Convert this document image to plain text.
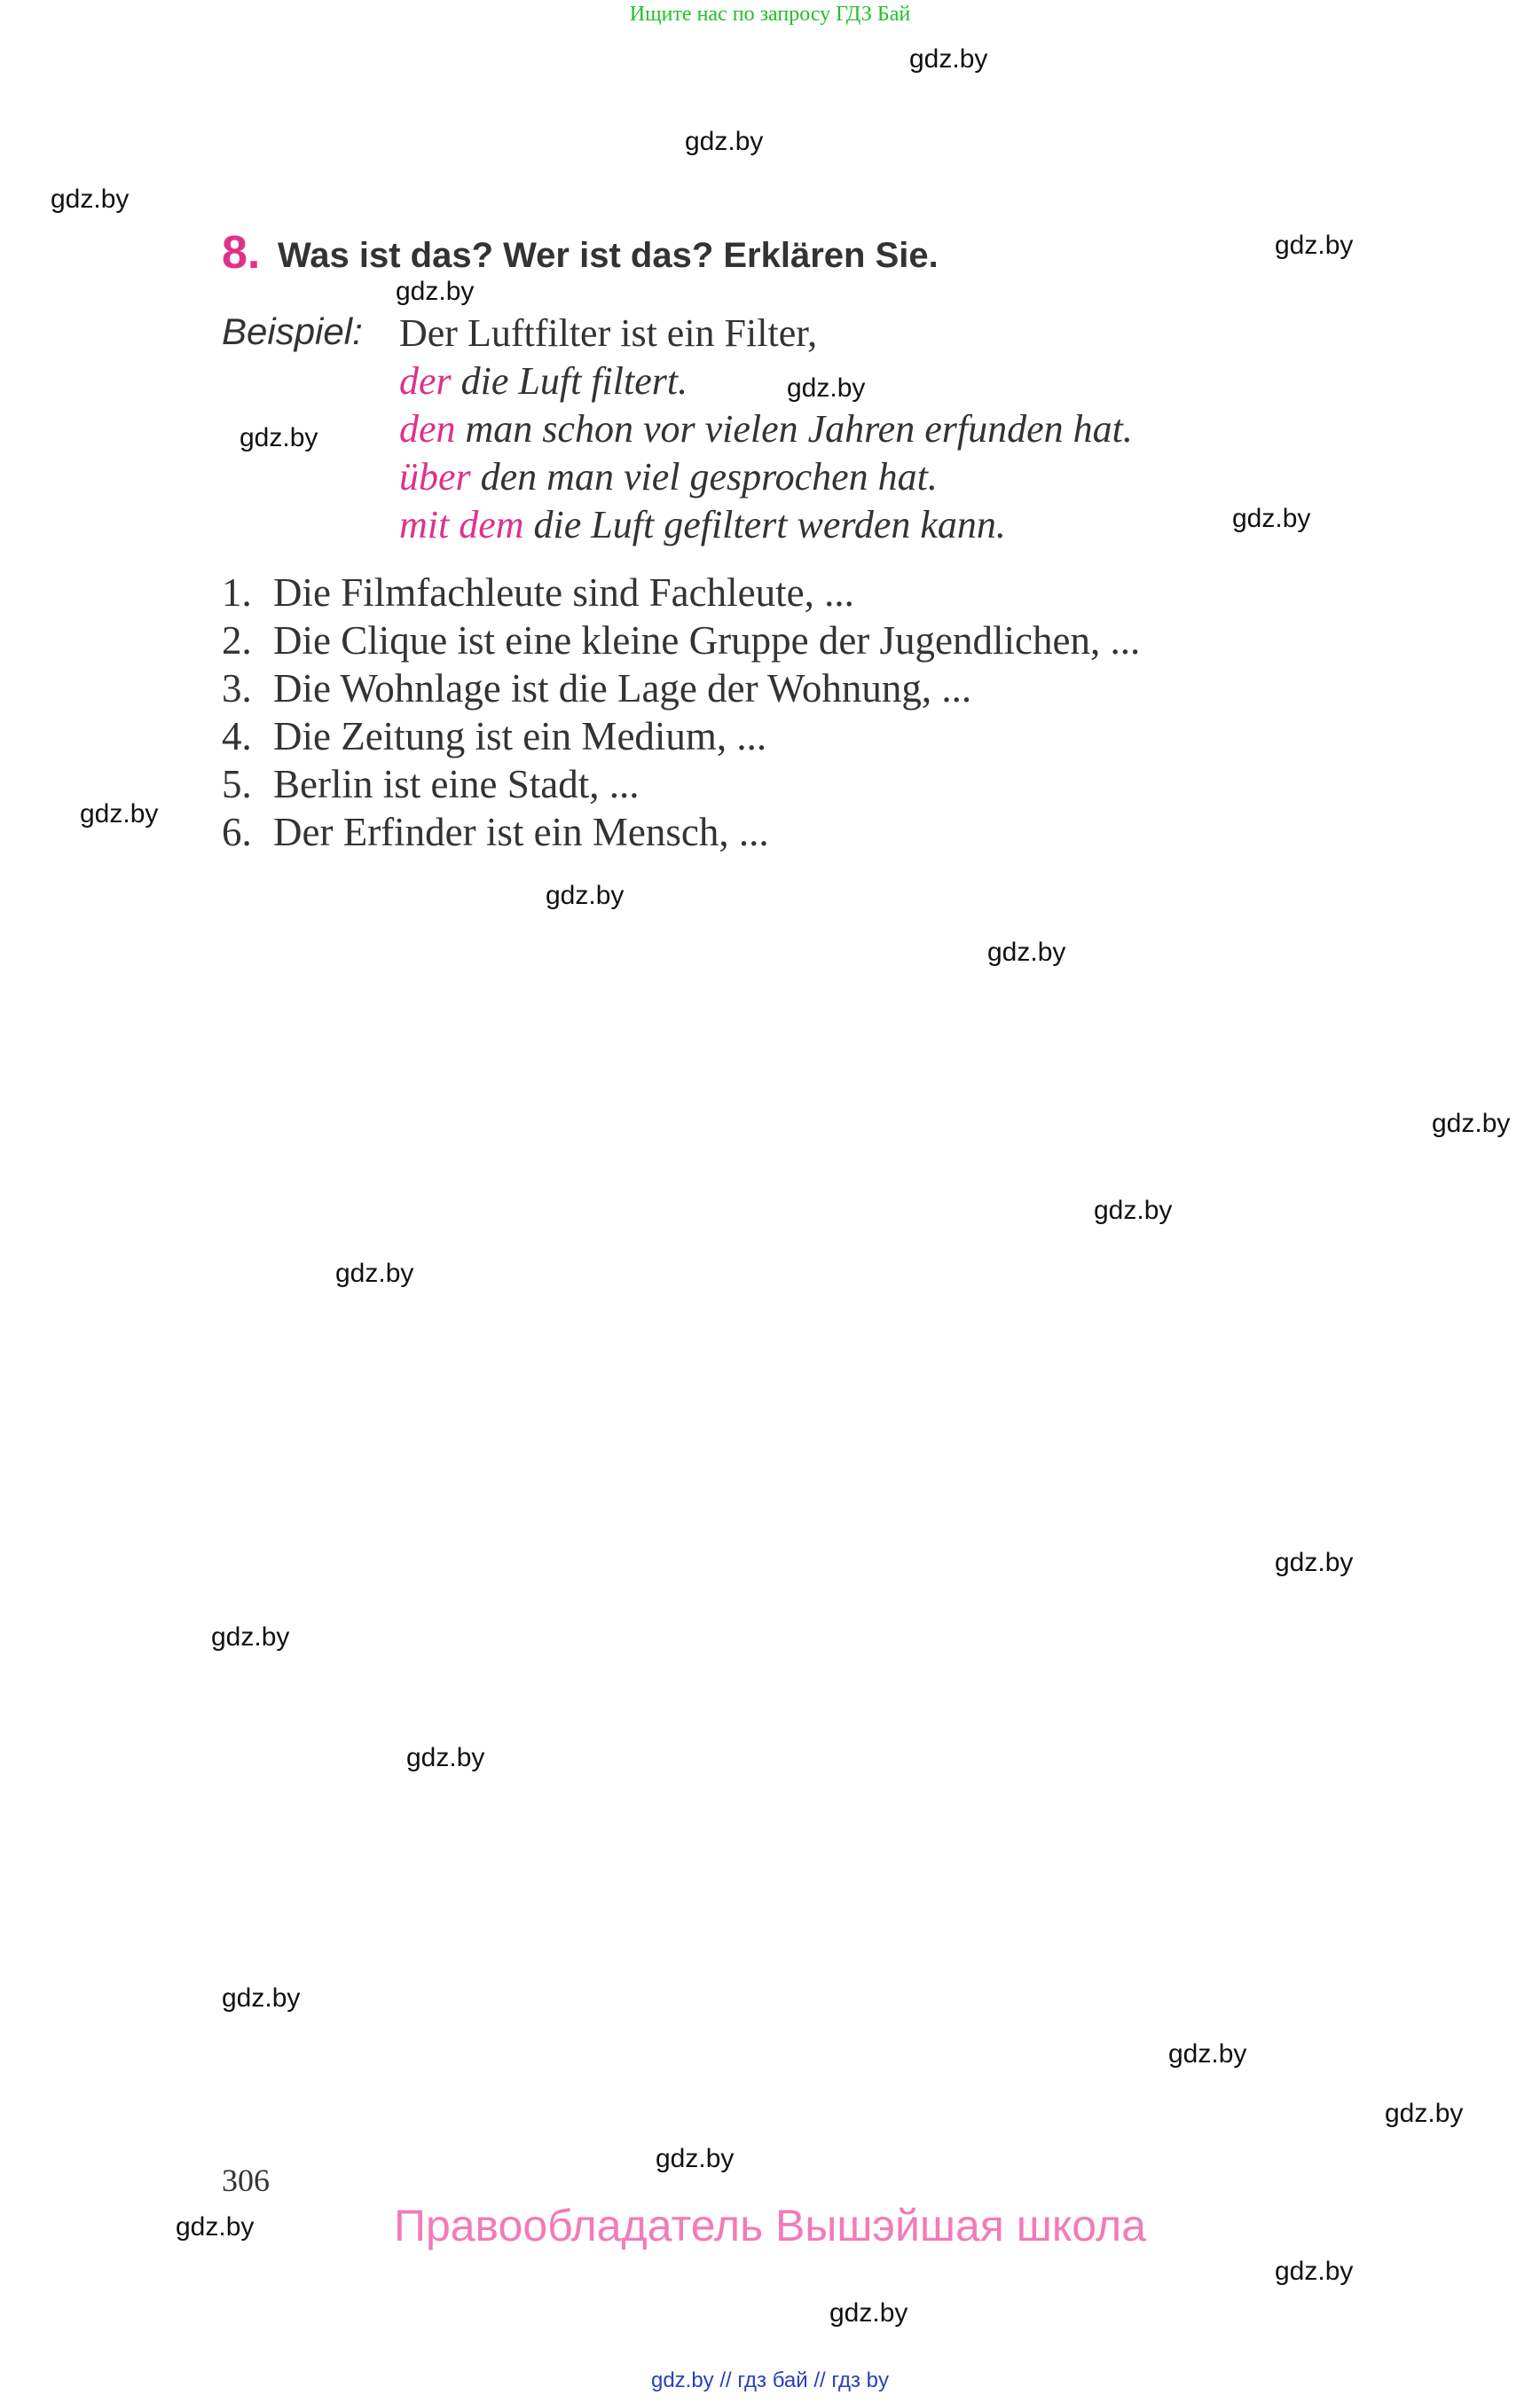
Ищите нас по запросу ГДЗ Бай
gdz.by
gdz.by
gdz.by
gdz.by
gdz.by
gdz.by
gdz.by
gdz.by
gdz.by
gdz.by
gdz.by
gdz.by
gdz.by
gdz.by
gdz.by
gdz.by
gdz.by
gdz.by
gdz.by
gdz.by
gdz.by
gdz.by
gdz.by
gdz.by
8. Was ist das? Wer ist das? Erklären Sie.
Beispiel: Der Luftfilter ist ein Filter,
der die Luft filtert.
den man schon vor vielen Jahren erfunden hat.
über den man viel gesprochen hat.
mit dem die Luft gefiltert werden kann.
1. Die Filmfachleute sind Fachleute, ...
2. Die Clique ist eine kleine Gruppe der Jugendlichen, ...
3. Die Wohnlage ist die Lage der Wohnung, ...
4. Die Zeitung ist ein Medium, ...
5. Berlin ist eine Stadt, ...
6. Der Erfinder ist ein Mensch, ...
306
Правообладатель Вышэйшая школа
gdz.by // гдз бай // гдз by
